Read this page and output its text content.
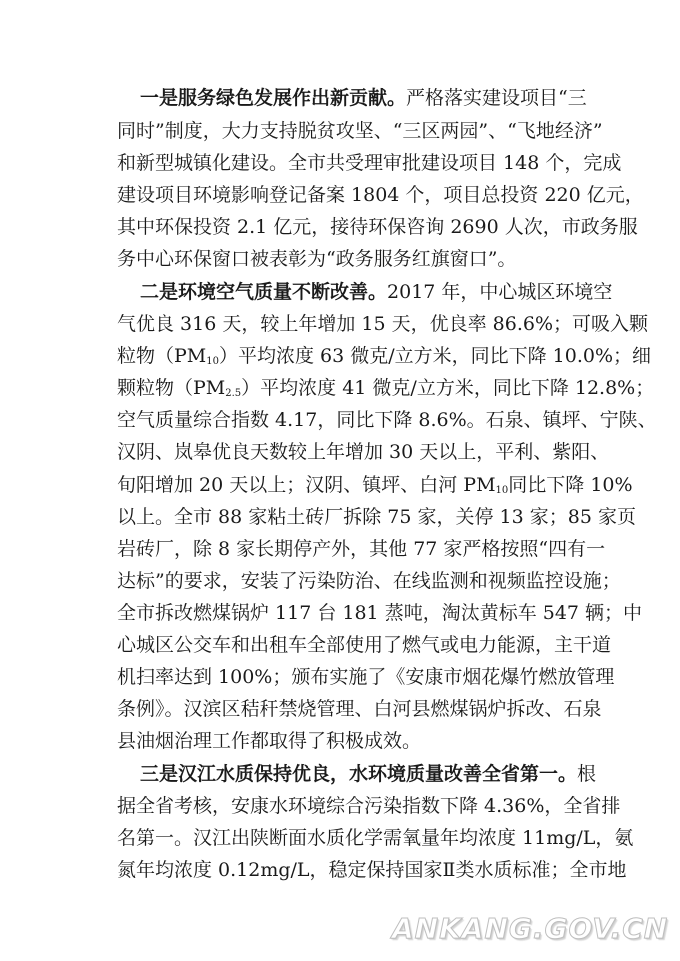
一是服务绿色发展作出新贡献。严格落实建设项目“三
同时”制度，大力支持脱贫攻坚、“三区两园”、“飞地经济”
和新型城镇化建设。全市共受理审批建设项目 148 个，完成
建设项目环境影响登记备案 1804 个，项目总投资 220 亿元，
其中环保投资 2.1 亿元，接待环保咨询 2690 人次，市政务服
务中心环保窗口被表彰为“政务服务红旗窗口”。
二是环境空气质量不断改善。2017 年，中心城区环境空
气优良 316 天，较上年增加 15 天，优良率 86.6%；可吸入颗
粒物$(PM_{10})$平均浓度 63 微克/立方米，同比下降 10.0%；细
颗粒物$(PM_{2.5})$平均浓度 41 微克/立方米，同比下降 12.8%；
空气质量综合指数 4.17，同比下降 8.6%。石泉、镇坪、宁陕、
汉阴、岚皋优良天数较上年增加 30 天以上，平利、紫阳、
旬阳增加 20 天以上；汉阴、镇坪、白河 $PM_{10}$同比下降 10%
以上。全市 88 家粘土砖厂拆除 75 家，关停 13 家；85 家页
岩砖厂，除 8 家长期停产外，其他 77 家严格按照“四有一
达标”的要求，安装了污染防治、在线监测和视频监控设施；
全市拆改燃煤锅炉 117 台 181 蒸吨，淘汰黄标车 547 辆；中
心城区公交车和出租车全部使用了燃气或电力能源，主干道
机扫率达到 100%；颁布实施了《安康市烟花爆竹燃放管理
条例》。汉滨区秸秆禁烧管理、白河县燃煤锅炉拆改、石泉
县油烟治理工作都取得了积极成效。
三是汉江水质保持优良，水环境质量改善全省第一。根
据全省考核，安康水环境综合污染指数下降 4.36%，全省排
名第一。汉江出陕断面水质化学需氧量年均浓度 11mg/L，氨
氮年均浓度 0.12mg/L，稳定保持国家Ⅱ类水质标准；全市地
ANKANG.GOV.CN
